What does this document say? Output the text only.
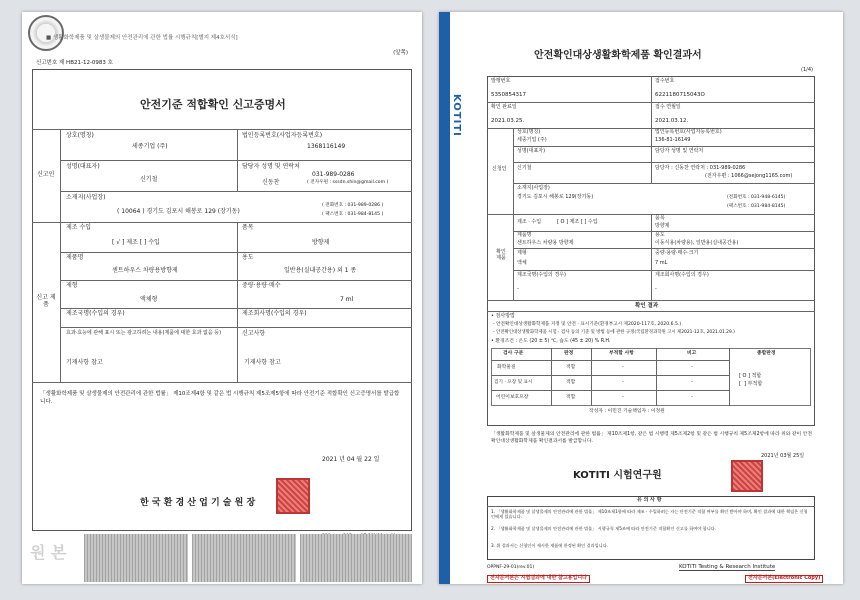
■ 생활화학제품 및 살생물제의 안전관리에 관한 법률 시행규칙[별지 제4호서식]
(앞쪽)
신고번호 제 HB21-12-0983 호
안전기준 적합확인 신고증명서
신고인
상호(명칭)
세종기업 (주)
법인등록번호(사업자등록번호)
1368116149
성명(대표자)
신기철
담당자 성명 및 연락처
031-989-0286
신동찬	( 전자우편 : sssdn.shin@gmail.com )
소재지(사업장)
( 10064 ) 경기도 김포시 해봉로 129 (장기동)
( 전화번호 : 031-989-0286 )
( 팩스번호 : 031-984-8145 )
신고 제품
제조 수입
[ √ ] 제조 [ ] 수입
품목
방향제
제품명
센트하우스 차량용방향제
용도
일반용(실내공간용) 외 1 종
제형
액체형
중량·용량·매수
7 ml
제조국명(수입의 경우)	제조회사명(수입의 경우)
효과·효능에 관해 표시 또는 광고하려는 내용(제품에 대한 효과 없음 등)
기재사항 참고
신고사항
기재사항 참고
「생활화학제품 및 살생물제의 안전관리에 관한 법률」 제10조제4항 및 같은 법 시행규칙 제5조제5항에 따라 안전기준 적합확인 신고증명서를 발급합니다.
2021 년 04 월 22 일
한 국 환 경 산 업 기 술 원 장
원 본
KOTITI
Global Business Partner
안전확인대상생활화학제품 확인결과서
(1/4)
발행번호
5350854317
접수번호
6221180715043O
확인 완료일
2021.03.25.
접수 연월일
2021.03.12.
신청인
상호(명칭)
세종기업 (주)
법인등록번호(사업자등록번호)
136-81-16149
성명(대표자)
신기철
담당자 성명 및 연락처
담당자 : 신동찬 연락처 : 031-989-0286
(전자우편 : 1066@sejong1165.com)
소재지(사업장)
경기도 김포시 해봉로 129(장기동)	(전화번호 : 031-948-6145)
(팩스번호 : 031-984-8145)
확인 제품
제조 · 수입	[ O ] 제조 [ ] 수입
품목
방향제
제품명
센트하우스 차량용 방향제
용도
이동식용(차량용), 일반용(실내공간용)
제형
액체
중량·용량·매수·크기
7 mL
제조국명(수입의 경우)
-
제조회사명(수입의 경우)
-
확인 결과
• 검사방법
- 안전확인대상생활화학제품 지정 및 안전 · 표시기준(환경부고시 제2020-117호, 2020.6.5.)
- 안전확인대상생활화학제품 시험 · 검사 등의 기준 및 방법 등에 관한 규정(국립환경과학원 고시 제2021-12호, 2021.01.29.)
• 환경조건 : 온도 (20 ± 5) ℃, 습도 (45 ± 20) % R.H.
검사 구분	판정	부적합 사항	비고	종합판정
화학물질	적합	-	-
검기 · 포장 및 표시	적합	-	-
어린이보호포장	적합	-	-
[ O ] 적합
[  ] 부적합
작성자 : 이민진 기술책임자 : 이정원
「생활화학제품 및 살생물제의 안전관리에 관한 법률」 제10조제1항, 같은 법 시행령 제5조제2항 및 같은 법 시행규칙 제5조제2항에 따라 위와 같이 안전확인대상생활화학제품 확인결과서를 발급합니다.
2021년 03월 25일
KOTITI 시험연구원
유 의 사 항
1. 「생활화학제품 및 살생물제의 안전관리에 관한 법률」 제10조제1항에 따라 제조 · 수입하려는 자는 안전기준 적합 여부를 확인 받아야 하며, 확인 결과에 대한 책임은 신청인에게 있습니다.
2. 「생활화학제품 및 살생물제의 안전관리에 관한 법률」 시행규칙 제5조에 따라 안전기준 적합확인 신고를 하여야 합니다.
3. 위 결과서는 신청인이 제시한 제품에 한정된 확인 결과입니다.
OPPNF-29-01(rev.01)	KOTITI Testing & Research Institute
전자문서본은 시험결과에 대한 참고용입니다	전자문서본(Electronic Copy)
